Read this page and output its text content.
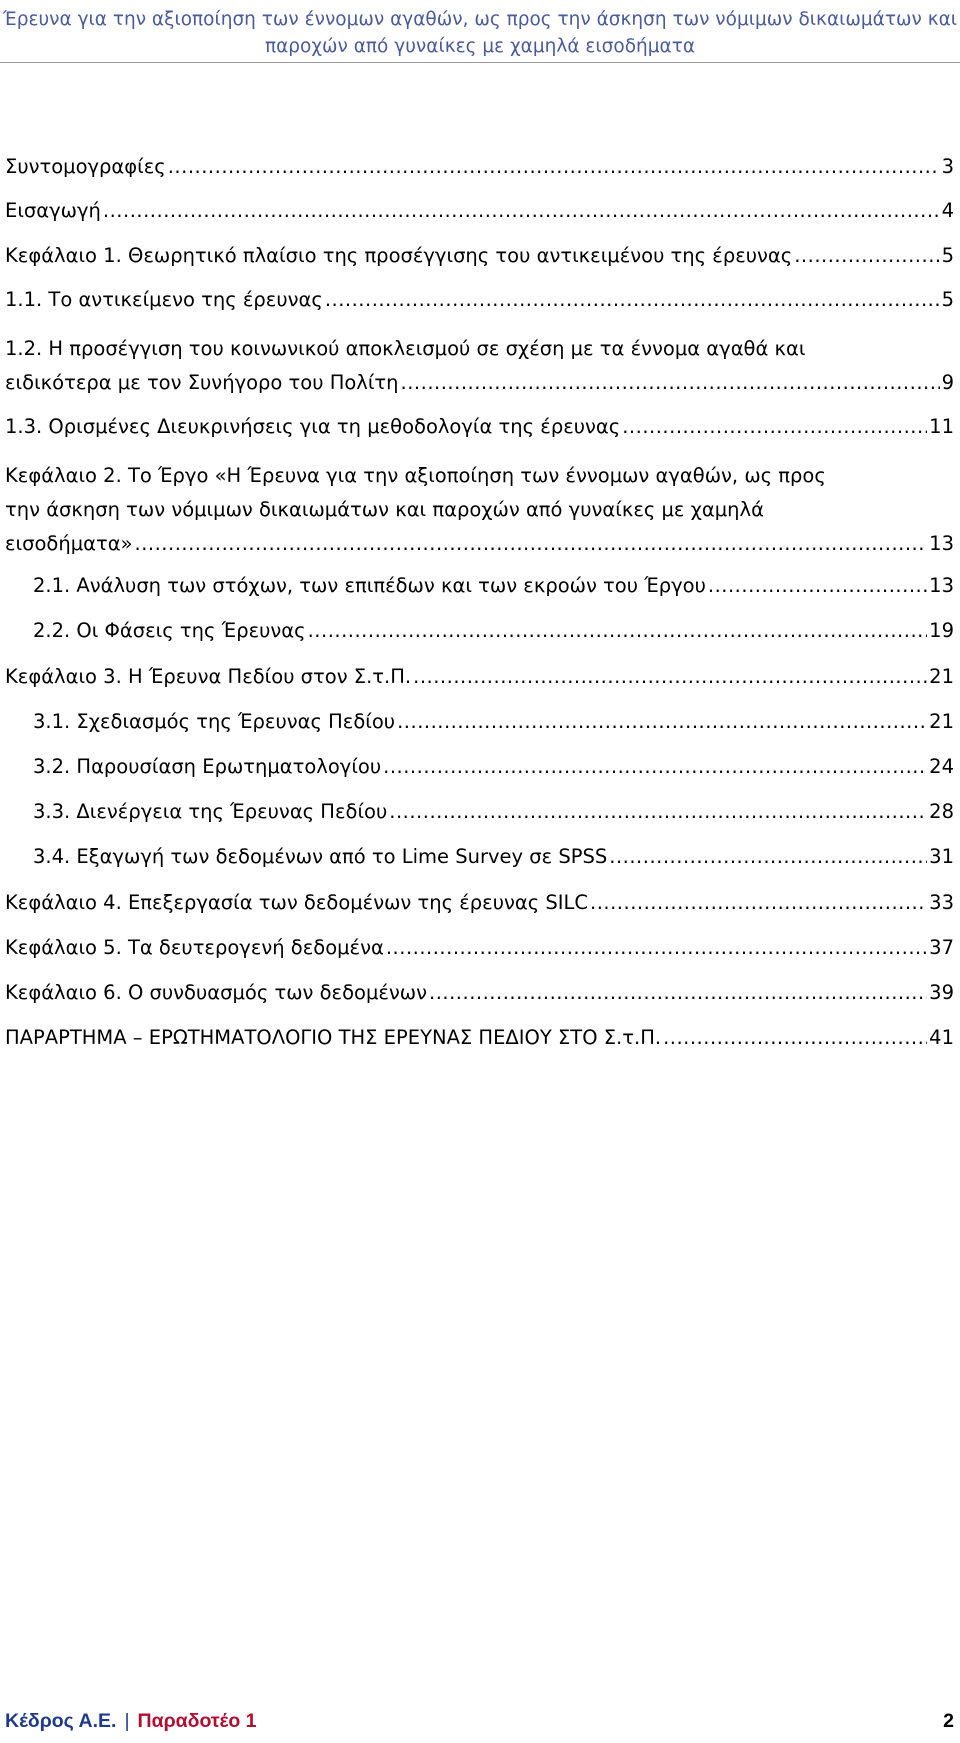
Έρευνα για την αξιοποίηση των έννομων αγαθών, ως προς την άσκηση των νόμιμων δικαιωμάτων και
παροχών από γυναίκες με χαμηλά εισοδήματα
Συντομογραφίες .....	3
Εισαγωγή .....	4
Κεφάλαιο 1. Θεωρητικό πλαίσιο της προσέγγισης του αντικειμένου της έρευνας .....	5
1.1. Το αντικείμενο της έρευνας .....	5
1.2. Η προσέγγιση του κοινωνικού αποκλεισμού σε σχέση με τα έννομα αγαθά και
ειδικότερα με τον Συνήγορο του Πολίτη .....	9
1.3. Ορισμένες Διευκρινήσεις για τη μεθοδολογία της έρευνας .....	11
Κεφάλαιο 2. Το Έργο «Η Έρευνα για την αξιοποίηση των έννομων αγαθών, ως προς
την άσκηση των νόμιμων δικαιωμάτων και παροχών από γυναίκες με χαμηλά
εισοδήματα» .....	13
2.1. Ανάλυση των στόχων, των επιπέδων και των εκροών του Έργου .....	13
2.2. Οι Φάσεις της Έρευνας .....	19
Κεφάλαιο 3. Η Έρευνα Πεδίου στον Σ.τ.Π. .....	21
3.1. Σχεδιασμός της Έρευνας Πεδίου .....	21
3.2. Παρουσίαση Ερωτηματολογίου .....	24
3.3. Διενέργεια της Έρευνας Πεδίου .....	28
3.4. Εξαγωγή των δεδομένων από το Lime Survey σε SPSS .....	31
Κεφάλαιο 4. Επεξεργασία των δεδομένων της έρευνας SILC .....	33
Κεφάλαιο 5. Τα δευτερογενή δεδομένα .....	37
Κεφάλαιο 6. Ο συνδυασμός των δεδομένων .....	39
ΠΑΡΑΡΤΗΜΑ – ΕΡΩΤΗΜΑΤΟΛΟΓΙΟ ΤΗΣ ΕΡΕΥΝΑΣ ΠΕΔΙΟΥ ΣΤΟ Σ.τ.Π. .....	41
Κέδρος Α.Ε. | Παραδοτέο 1	2
